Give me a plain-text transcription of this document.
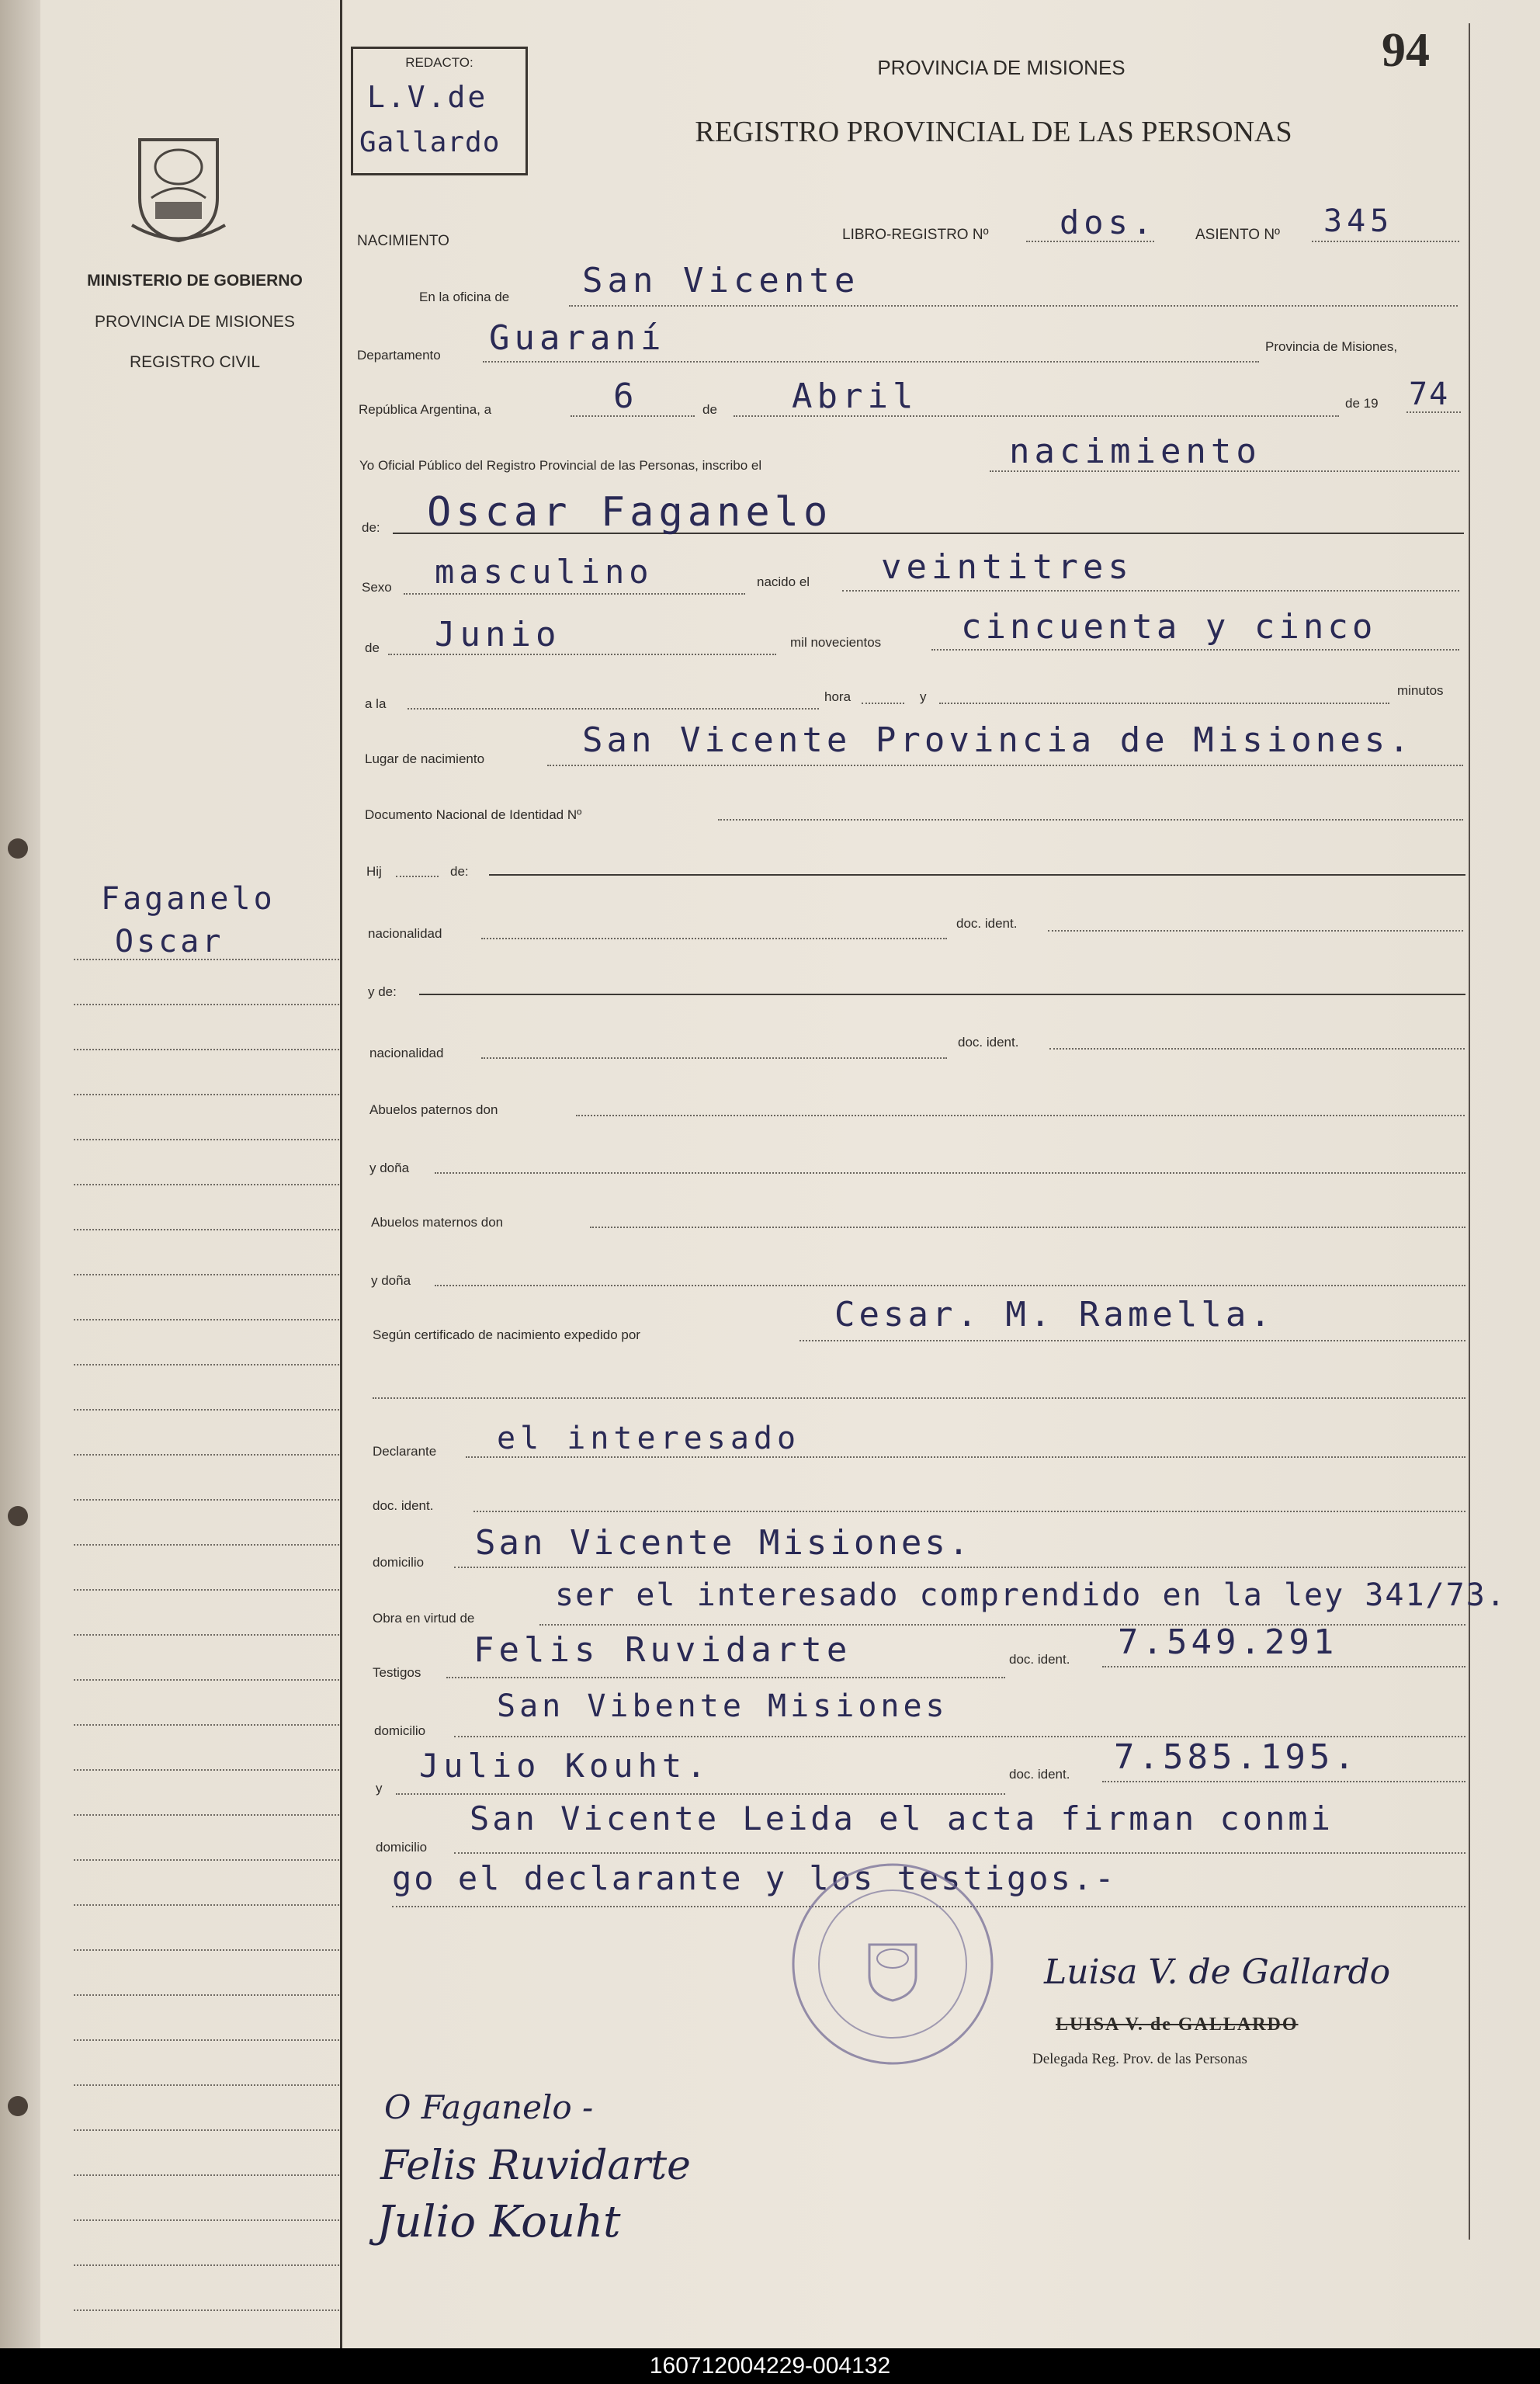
MINISTERIO DE GOBIERNO
PROVINCIA DE MISIONES
REGISTRO CIVIL
Faganelo
Oscar
REDACTO:
L.V.de
Gallardo
PROVINCIA DE MISIONES
REGISTRO PROVINCIAL DE LAS PERSONAS
94
NACIMIENTO	LIBRO-REGISTRO Nº dos.	ASIENTO Nº 345
En la oficina de San Vicente
Departamento Guaraní	Provincia de Misiones,
República Argentina, a	6	de Abril	de 19 74
Yo Oficial Público del Registro Provincial de las Personas, inscribo el	nacimiento
de: Oscar Faganelo
Sexo masculino	nacido el veintitres
de Junio	mil novecientos cincuenta y cinco
a la	hora	y	minutos
Lugar de nacimiento	San Vicente Provincia de Misiones.
Documento Nacional de Identidad Nº
Hij	de:
nacionalidad
doc. ident.
y de:
nacionalidad
doc. ident.
Abuelos paternos don
y doña
Abuelos maternos don
y doña
Según certificado de nacimiento expedido por
Cesar. M. Ramella.
Declarante el interesado
doc. ident.
domicilio San Vicente Misiones.
Obra en virtud de
ser el interesado comprendido en la ley 341/73.
Testigos
Felis Ruvidarte	doc. ident. 7.549.291
domicilio
San Vibente Misiones
y
Julio Kouht.	doc. ident. 7.585.195.
domicilio
San Vicente Leida el acta firman conmi
go el declarante y los testigos.-
Luisa V. de Gallardo
LUISA V. de GALLARDO
Delegada Reg. Prov. de las Personas
O Faganelo -
Felis Ruvidarte
Julio Kouht
160712004229-004132
